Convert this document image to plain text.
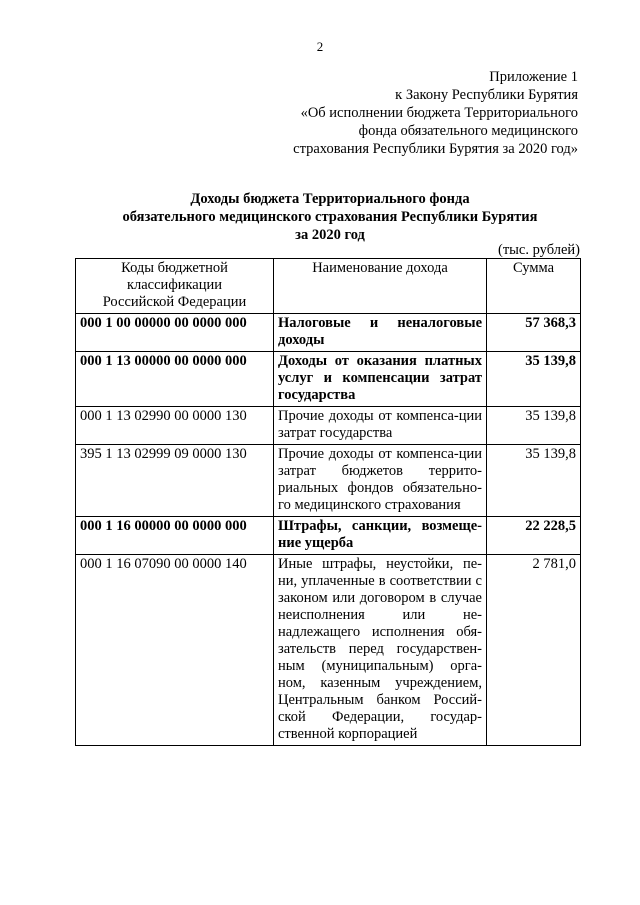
2
Приложение 1
к Закону Республики Бурятия
«Об исполнении бюджета Территориального
фонда обязательного медицинского
страхования Республики Бурятия за 2020 год»
Доходы бюджета Территориального фонда
обязательного медицинского страхования Республики Бурятия
за 2020 год
(тыс. рублей)
Коды бюджетной
классификации
Российской Федерации	Наименование дохода	Сумма
000 1 00 00000 00 0000 000	Налоговые и неналоговые доходы	57 368,3
000 1 13 00000 00 0000 000	Доходы от оказания платных услуг и компенсации затрат государства	35 139,8
000 1 13 02990 00 0000 130	Прочие доходы от компенса-ции затрат государства	35 139,8
395 1 13 02999 09 0000 130	Прочие доходы от компенса-ции затрат бюджетов террито-риальных фондов обязательно-го медицинского страхования	35 139,8
000 1 16 00000 00 0000 000	Штрафы, санкции, возмеще-ние ущерба	22 228,5
000 1 16 07090 00 0000 140	Иные штрафы, неустойки, пе-ни, уплаченные в соответствии с законом или договором в случае неисполнения или не-надлежащего исполнения обя-зательств перед государствен-ным (муниципальным) орга-ном, казенным учреждением, Центральным банком Россий-ской Федерации, государ-ственной корпорацией	2 781,0
